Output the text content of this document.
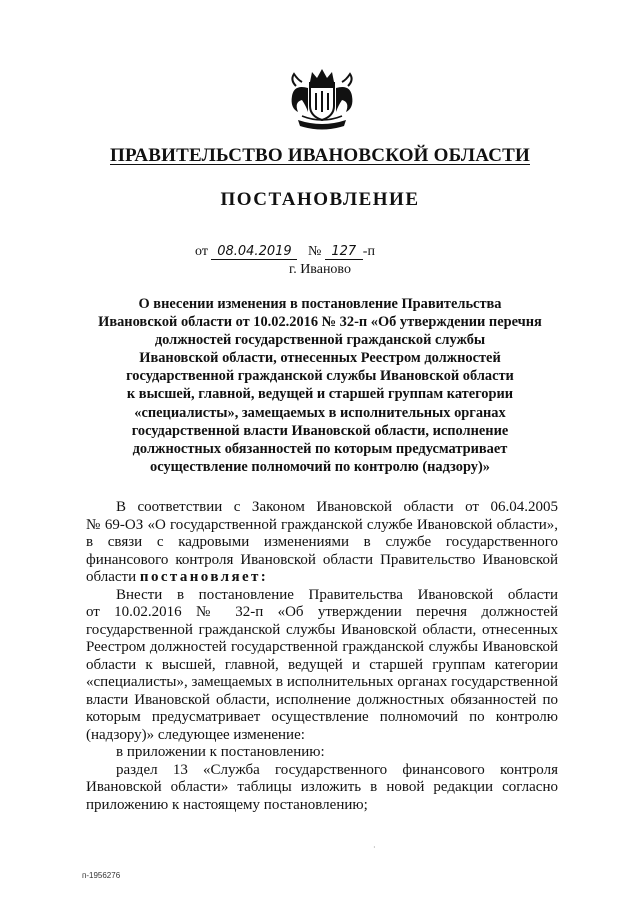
ПРАВИТЕЛЬСТВО ИВАНОВСКОЙ ОБЛАСТИ
ПОСТАНОВЛЕНИЕ
от 08.04.2019 № 127 -п
г. Иваново
О внесении изменения в постановление Правительства
Ивановской области от 10.02.2016 № 32-п «Об утверждении перечня
должностей государственной гражданской службы
Ивановской области, отнесенных Реестром должностей
государственной гражданской службы Ивановской области
к высшей, главной, ведущей и старшей группам категории
«специалисты», замещаемых в исполнительных органах
государственной власти Ивановской области, исполнение
должностных обязанностей по которым предусматривает
осуществление полномочий по контролю (надзору)»
В соответствии с Законом Ивановской области от 06.04.2005
№ 69-ОЗ «О государственной гражданской службе Ивановской области»,
в связи с кадровыми изменениями в службе государственного
финансового контроля Ивановской области Правительство Ивановской
области постановляет:
Внести в постановление Правительства Ивановской области
от 10.02.2016 № 32-п «Об утверждении перечня должностей
государственной гражданской службы Ивановской области, отнесенных
Реестром должностей государственной гражданской службы Ивановской
области к высшей, главной, ведущей и старшей группам категории
«специалисты», замещаемых в исполнительных органах государственной
власти Ивановской области, исполнение должностных обязанностей по
которым предусматривает осуществление полномочий по контролю
(надзору)» следующее изменение:
в приложении к постановлению:
раздел 13 «Служба государственного финансового контроля
Ивановской области» таблицы изложить в новой редакции согласно
приложению к настоящему постановлению;
·
п-1956276
